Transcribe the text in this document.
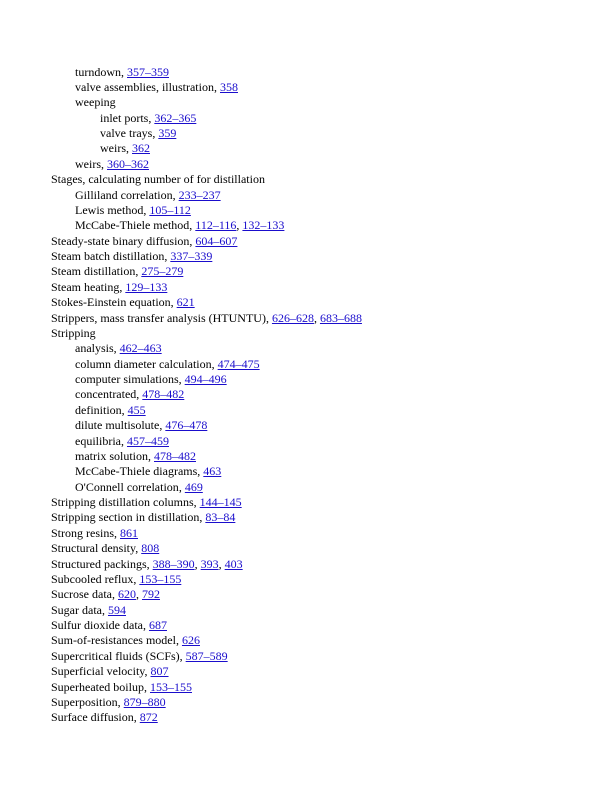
turndown, 357–359
valve assemblies, illustration, 358
weeping
inlet ports, 362–365
valve trays, 359
weirs, 362
weirs, 360–362
Stages, calculating number of for distillation
Gilliland correlation, 233–237
Lewis method, 105–112
McCabe-Thiele method, 112–116, 132–133
Steady-state binary diffusion, 604–607
Steam batch distillation, 337–339
Steam distillation, 275–279
Steam heating, 129–133
Stokes-Einstein equation, 621
Strippers, mass transfer analysis (HTUNTU), 626–628, 683–688
Stripping
analysis, 462–463
column diameter calculation, 474–475
computer simulations, 494–496
concentrated, 478–482
definition, 455
dilute multisolute, 476–478
equilibria, 457–459
matrix solution, 478–482
McCabe-Thiele diagrams, 463
O'Connell correlation, 469
Stripping distillation columns, 144–145
Stripping section in distillation, 83–84
Strong resins, 861
Structural density, 808
Structured packings, 388–390, 393, 403
Subcooled reflux, 153–155
Sucrose data, 620, 792
Sugar data, 594
Sulfur dioxide data, 687
Sum-of-resistances model, 626
Supercritical fluids (SCFs), 587–589
Superficial velocity, 807
Superheated boilup, 153–155
Superposition, 879–880
Surface diffusion, 872
